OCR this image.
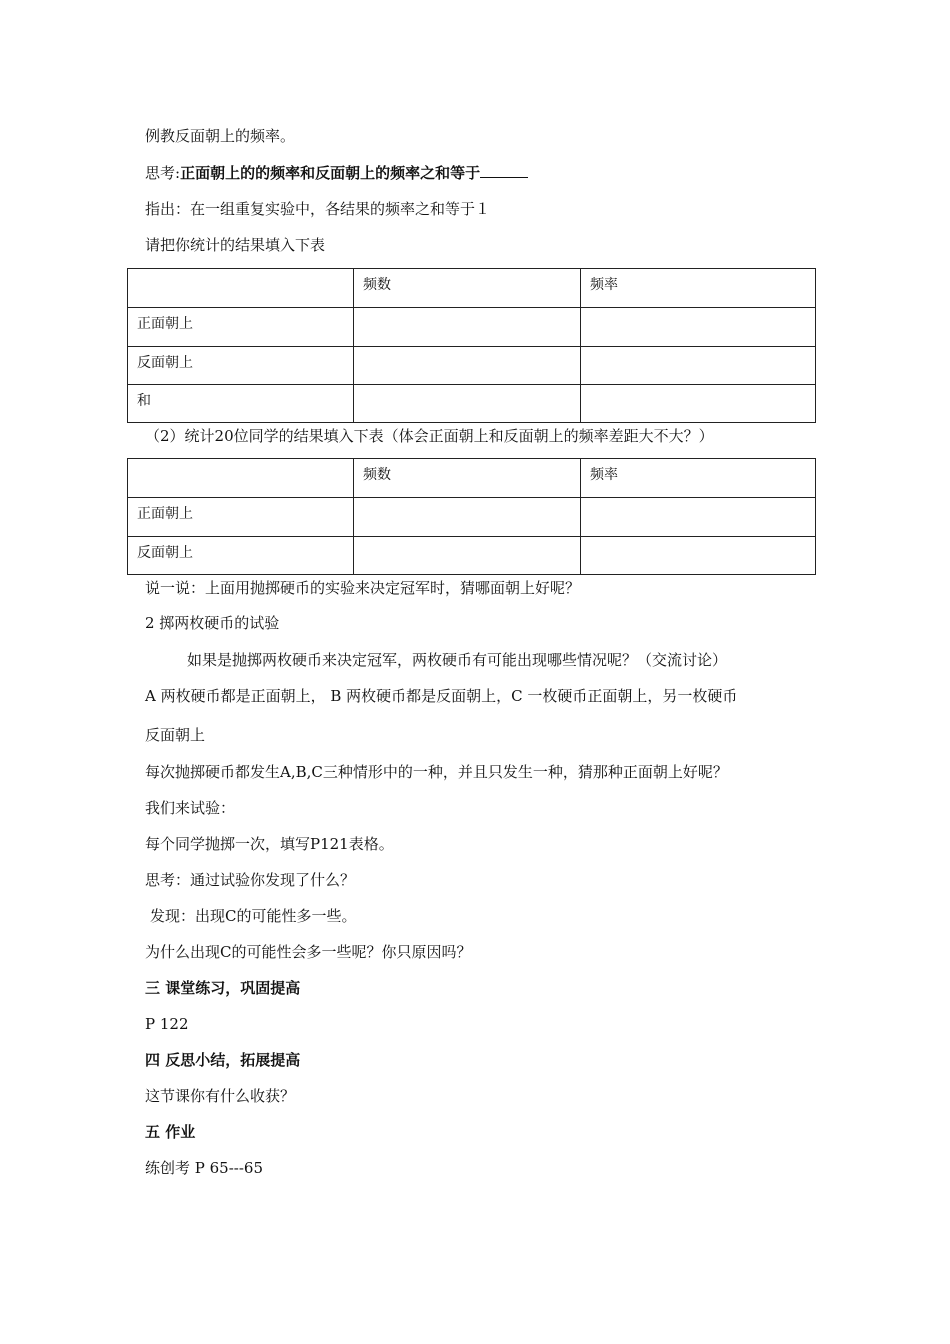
例教反面朝上的频率。
思考:正面朝上的的频率和反面朝上的频率之和等于
指出：在一组重复实验中，各结果的频率之和等于１
请把你统计的结果填入下表
	频数	频率
正面朝上		
反面朝上		
和		
（2）统计20位同学的结果填入下表（体会正面朝上和反面朝上的频率差距大不大？）
	频数	频率
正面朝上		
反面朝上		
说一说：上面用抛掷硬币的实验来决定冠军时，猜哪面朝上好呢？
2 掷两枚硬币的试验
如果是抛掷两枚硬币来决定冠军，两枚硬币有可能出现哪些情况呢？（交流讨论）
A 两枚硬币都是正面朝上， B 两枚硬币都是反面朝上，C 一枚硬币正面朝上，另一枚硬币
反面朝上
每次抛掷硬币都发生A,B,C三种情形中的一种，并且只发生一种，猜那种正面朝上好呢？
我们来试验：
每个同学抛掷一次，填写P121表格。
思考：通过试验你发现了什么？
发现：出现C的可能性多一些。
为什么出现C的可能性会多一些呢？你只原因吗？
三 课堂练习，巩固提高
P 122
四 反思小结，拓展提高
这节课你有什么收获？
五 作业
练创考 P 65---65
